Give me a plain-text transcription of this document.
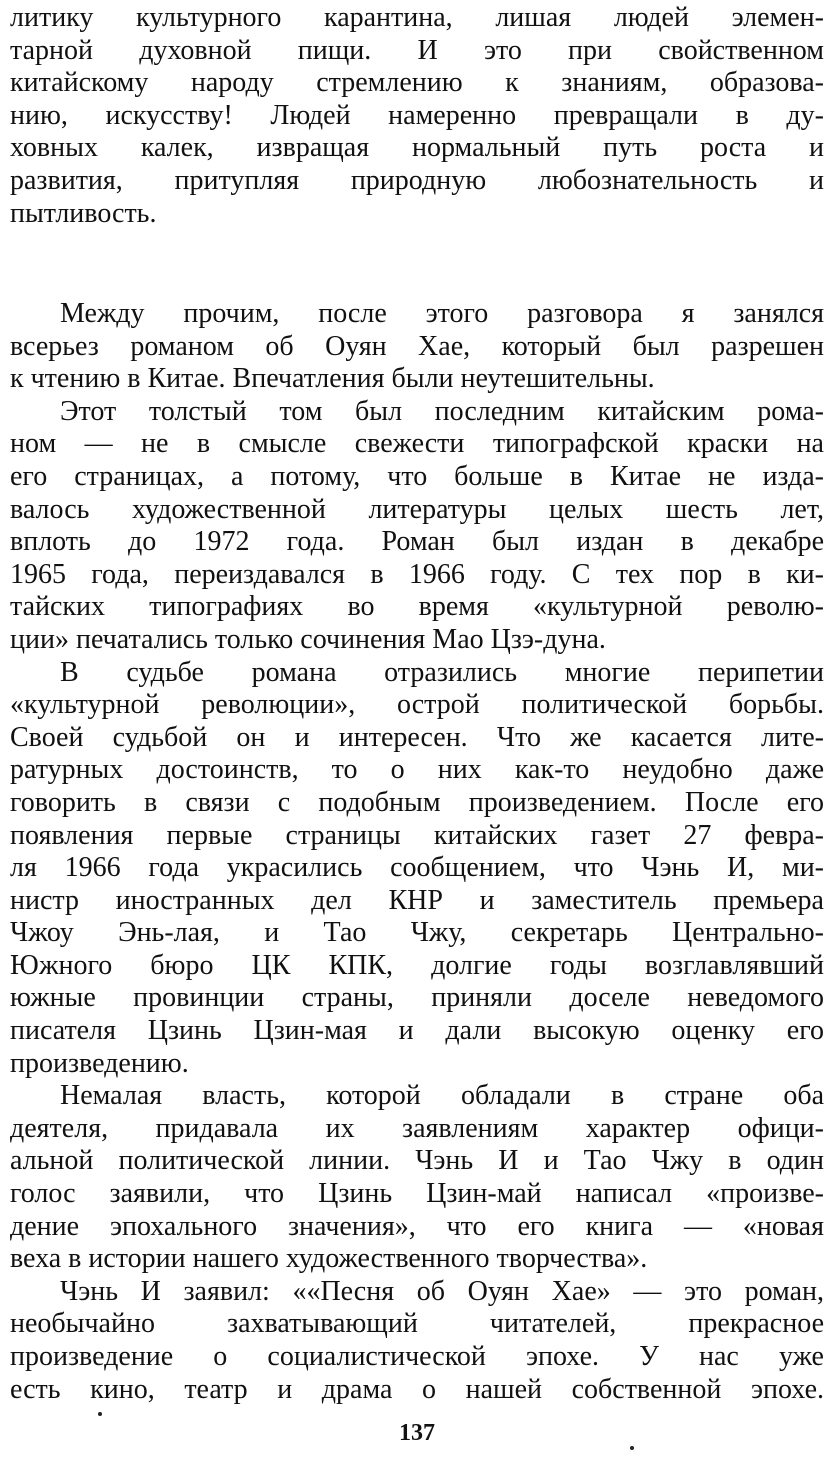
литику культурного карантина, лишая людей элемен-
тарной духовной пищи. И это при свойственном
китайскому народу стремлению к знаниям, образова-
нию, искусству! Людей намеренно превращали в ду-
ховных калек, извращая нормальный путь роста и
развития, притупляя природную любознательность и
пытливость.
Между прочим, после этого разговора я занялся
всерьез романом об Оуян Хае, который был разрешен
к чтению в Китае. Впечатления были неутешительны.
Этот толстый том был последним китайским рома-
ном — не в смысле свежести типографской краски на
его страницах, а потому, что больше в Китае не изда-
валось художественной литературы целых шесть лет,
вплоть до 1972 года. Роман был издан в декабре
1965 года, переиздавался в 1966 году. С тех пор в ки-
тайских типографиях во время «культурной револю-
ции» печатались только сочинения Мао Цзэ-дуна.
В судьбе романа отразились многие перипетии
«культурной революции», острой политической борьбы.
Своей судьбой он и интересен. Что же касается лите-
ратурных достоинств, то о них как-то неудобно даже
говорить в связи с подобным произведением. После его
появления первые страницы китайских газет 27 февра-
ля 1966 года украсились сообщением, что Чэнь И, ми-
нистр иностранных дел КНР и заместитель премьера
Чжоу Энь-лая, и Тао Чжу, секретарь Центрально-
Южного бюро ЦК КПК, долгие годы возглавлявший
южные провинции страны, приняли доселе неведомого
писателя Цзинь Цзин-мая и дали высокую оценку его
произведению.
Немалая власть, которой обладали в стране оба
деятеля, придавала их заявлениям характер офици-
альной политической линии. Чэнь И и Тао Чжу в один
голос заявили, что Цзинь Цзин-май написал «произве-
дение эпохального значения», что его книга — «новая
веха в истории нашего художественного творчества».
Чэнь И заявил: ««Песня об Оуян Хае» — это роман,
необычайно захватывающий читателей, прекрасное
произведение о социалистической эпохе. У нас уже
есть кино, театр и драма о нашей собственной эпохе.
137
